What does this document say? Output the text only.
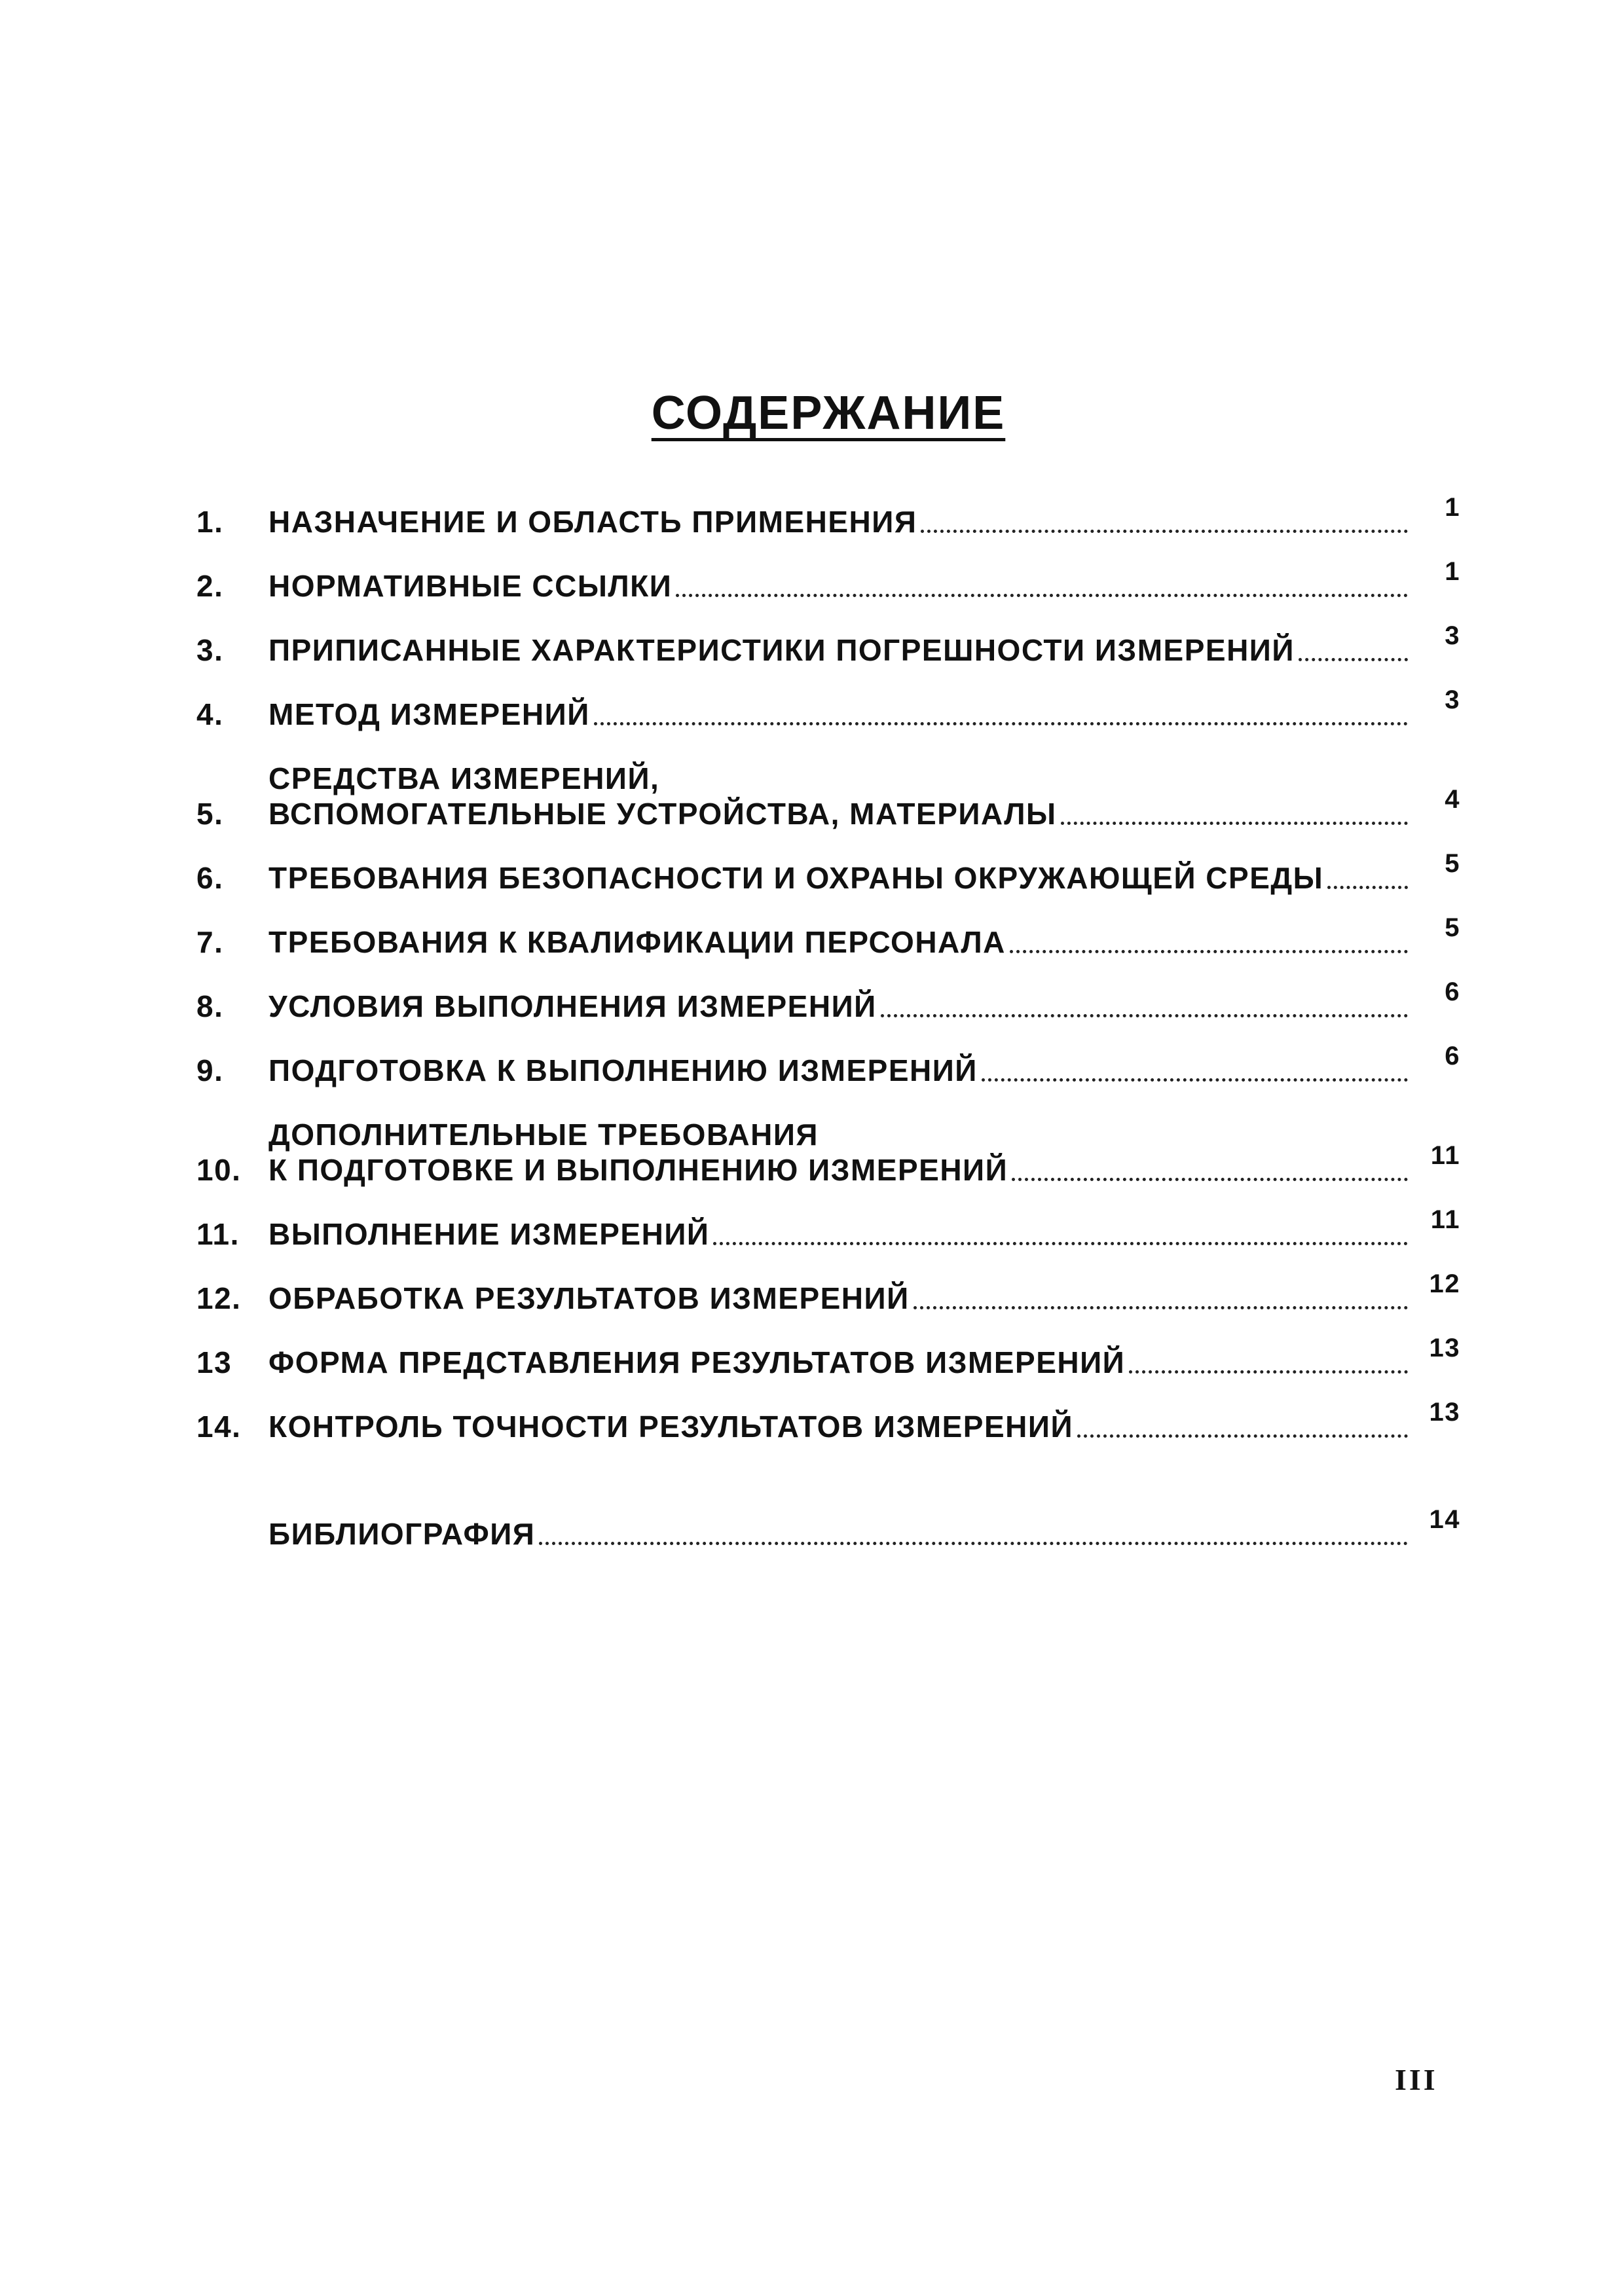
СОДЕРЖАНИЕ
1.	НАЗНАЧЕНИЕ И ОБЛАСТЬ ПРИМЕНЕНИЯ	1
2.	НОРМАТИВНЫЕ ССЫЛКИ	1
3.	ПРИПИСАННЫЕ ХАРАКТЕРИСТИКИ ПОГРЕШНОСТИ ИЗМЕРЕНИЙ	3
4.	МЕТОД ИЗМЕРЕНИЙ	3
5.
СРЕДСТВА ИЗМЕРЕНИЙ,
ВСПОМОГАТЕЛЬНЫЕ УСТРОЙСТВА, МАТЕРИАЛЫ	4
6.	ТРЕБОВАНИЯ БЕЗОПАСНОСТИ И ОХРАНЫ ОКРУЖАЮЩЕЙ СРЕДЫ	5
7.	ТРЕБОВАНИЯ К КВАЛИФИКАЦИИ ПЕРСОНАЛА	5
8.	УСЛОВИЯ ВЫПОЛНЕНИЯ ИЗМЕРЕНИЙ	6
9.	ПОДГОТОВКА К ВЫПОЛНЕНИЮ ИЗМЕРЕНИЙ	6
10.
ДОПОЛНИТЕЛЬНЫЕ ТРЕБОВАНИЯ
К ПОДГОТОВКЕ И ВЫПОЛНЕНИЮ ИЗМЕРЕНИЙ	11
11. ВЫПОЛНЕНИЕ ИЗМЕРЕНИЙ	11
12. ОБРАБОТКА РЕЗУЛЬТАТОВ ИЗМЕРЕНИЙ	12
13	ФОРМА ПРЕДСТАВЛЕНИЯ РЕЗУЛЬТАТОВ ИЗМЕРЕНИЙ	13
14. КОНТРОЛЬ ТОЧНОСТИ РЕЗУЛЬТАТОВ ИЗМЕРЕНИЙ	13
БИБЛИОГРАФИЯ	14
III
